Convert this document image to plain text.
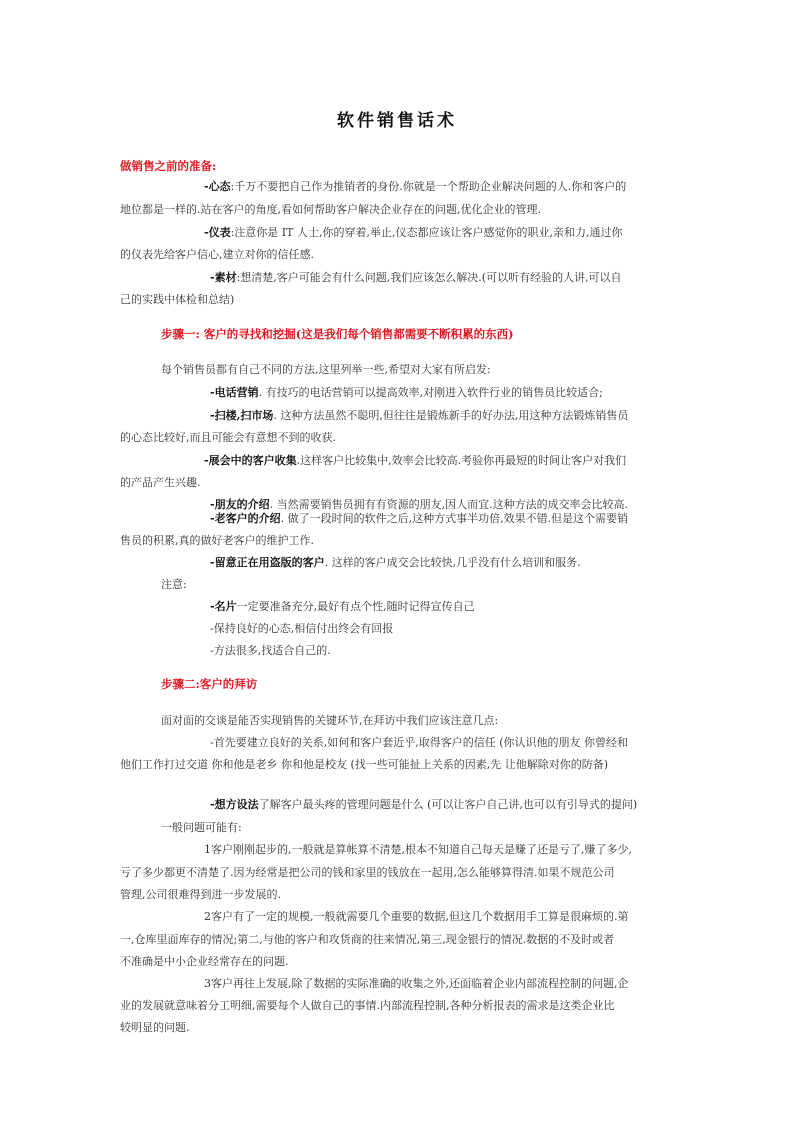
软件销售话术
做销售之前的准备:
-心态:千万不要把自己作为推销者的身份.你就是一个帮助企业解决问题的人.你和客户的
地位都是一样的.站在客户的角度,看如何帮助客户解决企业存在的问题,优化企业的管理.
-仪表:注意你是 IT 人士,你的穿着,举止,仪态都应该让客户感觉你的职业,亲和力,通过你
的仪表先给客户信心,建立对你的信任感.
-素材:想清楚,客户可能会有什么问题,我们应该怎么解决.(可以听有经验的人讲,可以自
己的实践中体检和总结)
步骤一: 客户的寻找和挖掘(这是我们每个销售都需要不断积累的东西)
每个销售员都有自己不同的方法,这里列举一些,希望对大家有所启发:
-电话营销. 有技巧的电话营销可以提高效率,对刚进入软件行业的销售员比较适合;
-扫楼,扫市场. 这种方法虽然不聪明,但往往是锻炼新手的好办法,用这种方法锻炼销售员
的心态比较好,而且可能会有意想不到的收获.
-展会中的客户收集.这样客户比较集中,效率会比较高.考验你再最短的时间让客户对我们
的产品产生兴趣.
-朋友的介绍. 当然需要销售员拥有有资源的朋友,因人而宜.这种方法的成交率会比较高.
-老客户的介绍. 做了一段时间的软件之后,这种方式事半功倍,效果不错.但是这个需要销
售员的积累,真的做好老客户的维护工作.
-留意正在用盗版的客户. 这样的客户成交会比较快,几乎没有什么培训和服务.
注意:
-名片一定要准备充分,最好有点个性,随时记得宣传自己
-保持良好的心态,相信付出终会有回报
-方法很多,找适合自己的.
步骤二:客户的拜访
面对面的交谈是能否实现销售的关键环节,在拜访中我们应该注意几点:
-首先要建立良好的关系,如何和客户套近乎,取得客户的信任 (你认识他的朋友 你曾经和
他们工作打过交道 你和他是老乡 你和他是校友 (找一些可能扯上关系的因素,先 让他解除对你的防备)
-想方设法了解客户最头疼的管理问题是什么 (可以让客户自己讲,也可以有引导式的提问)
一般问题可能有:
1客户刚刚起步的,一般就是算帐算不清楚,根本不知道自己每天是赚了还是亏了,赚了多少,
亏了多少都更不清楚了.因为经常是把公司的钱和家里的钱放在一起用,怎么能够算得清.如果不规范公司
管理,公司很难得到进一步发展的.
2客户有了一定的规模,一般就需要几个重要的数据,但这几个数据用手工算是很麻烦的.第
一,仓库里面库存的情况;第二,与他的客户和攻货商的往来情况,第三,现金银行的情况.数据的不及时或者
不准确是中小企业经常存在的问题.
3客户再往上发展,除了数据的实际准确的收集之外,还面临着企业内部流程控制的问题,企
业的发展就意味着分工明细,需要每个人做自己的事情.内部流程控制,各种分析报表的需求是这类企业比
较明显的问题.
